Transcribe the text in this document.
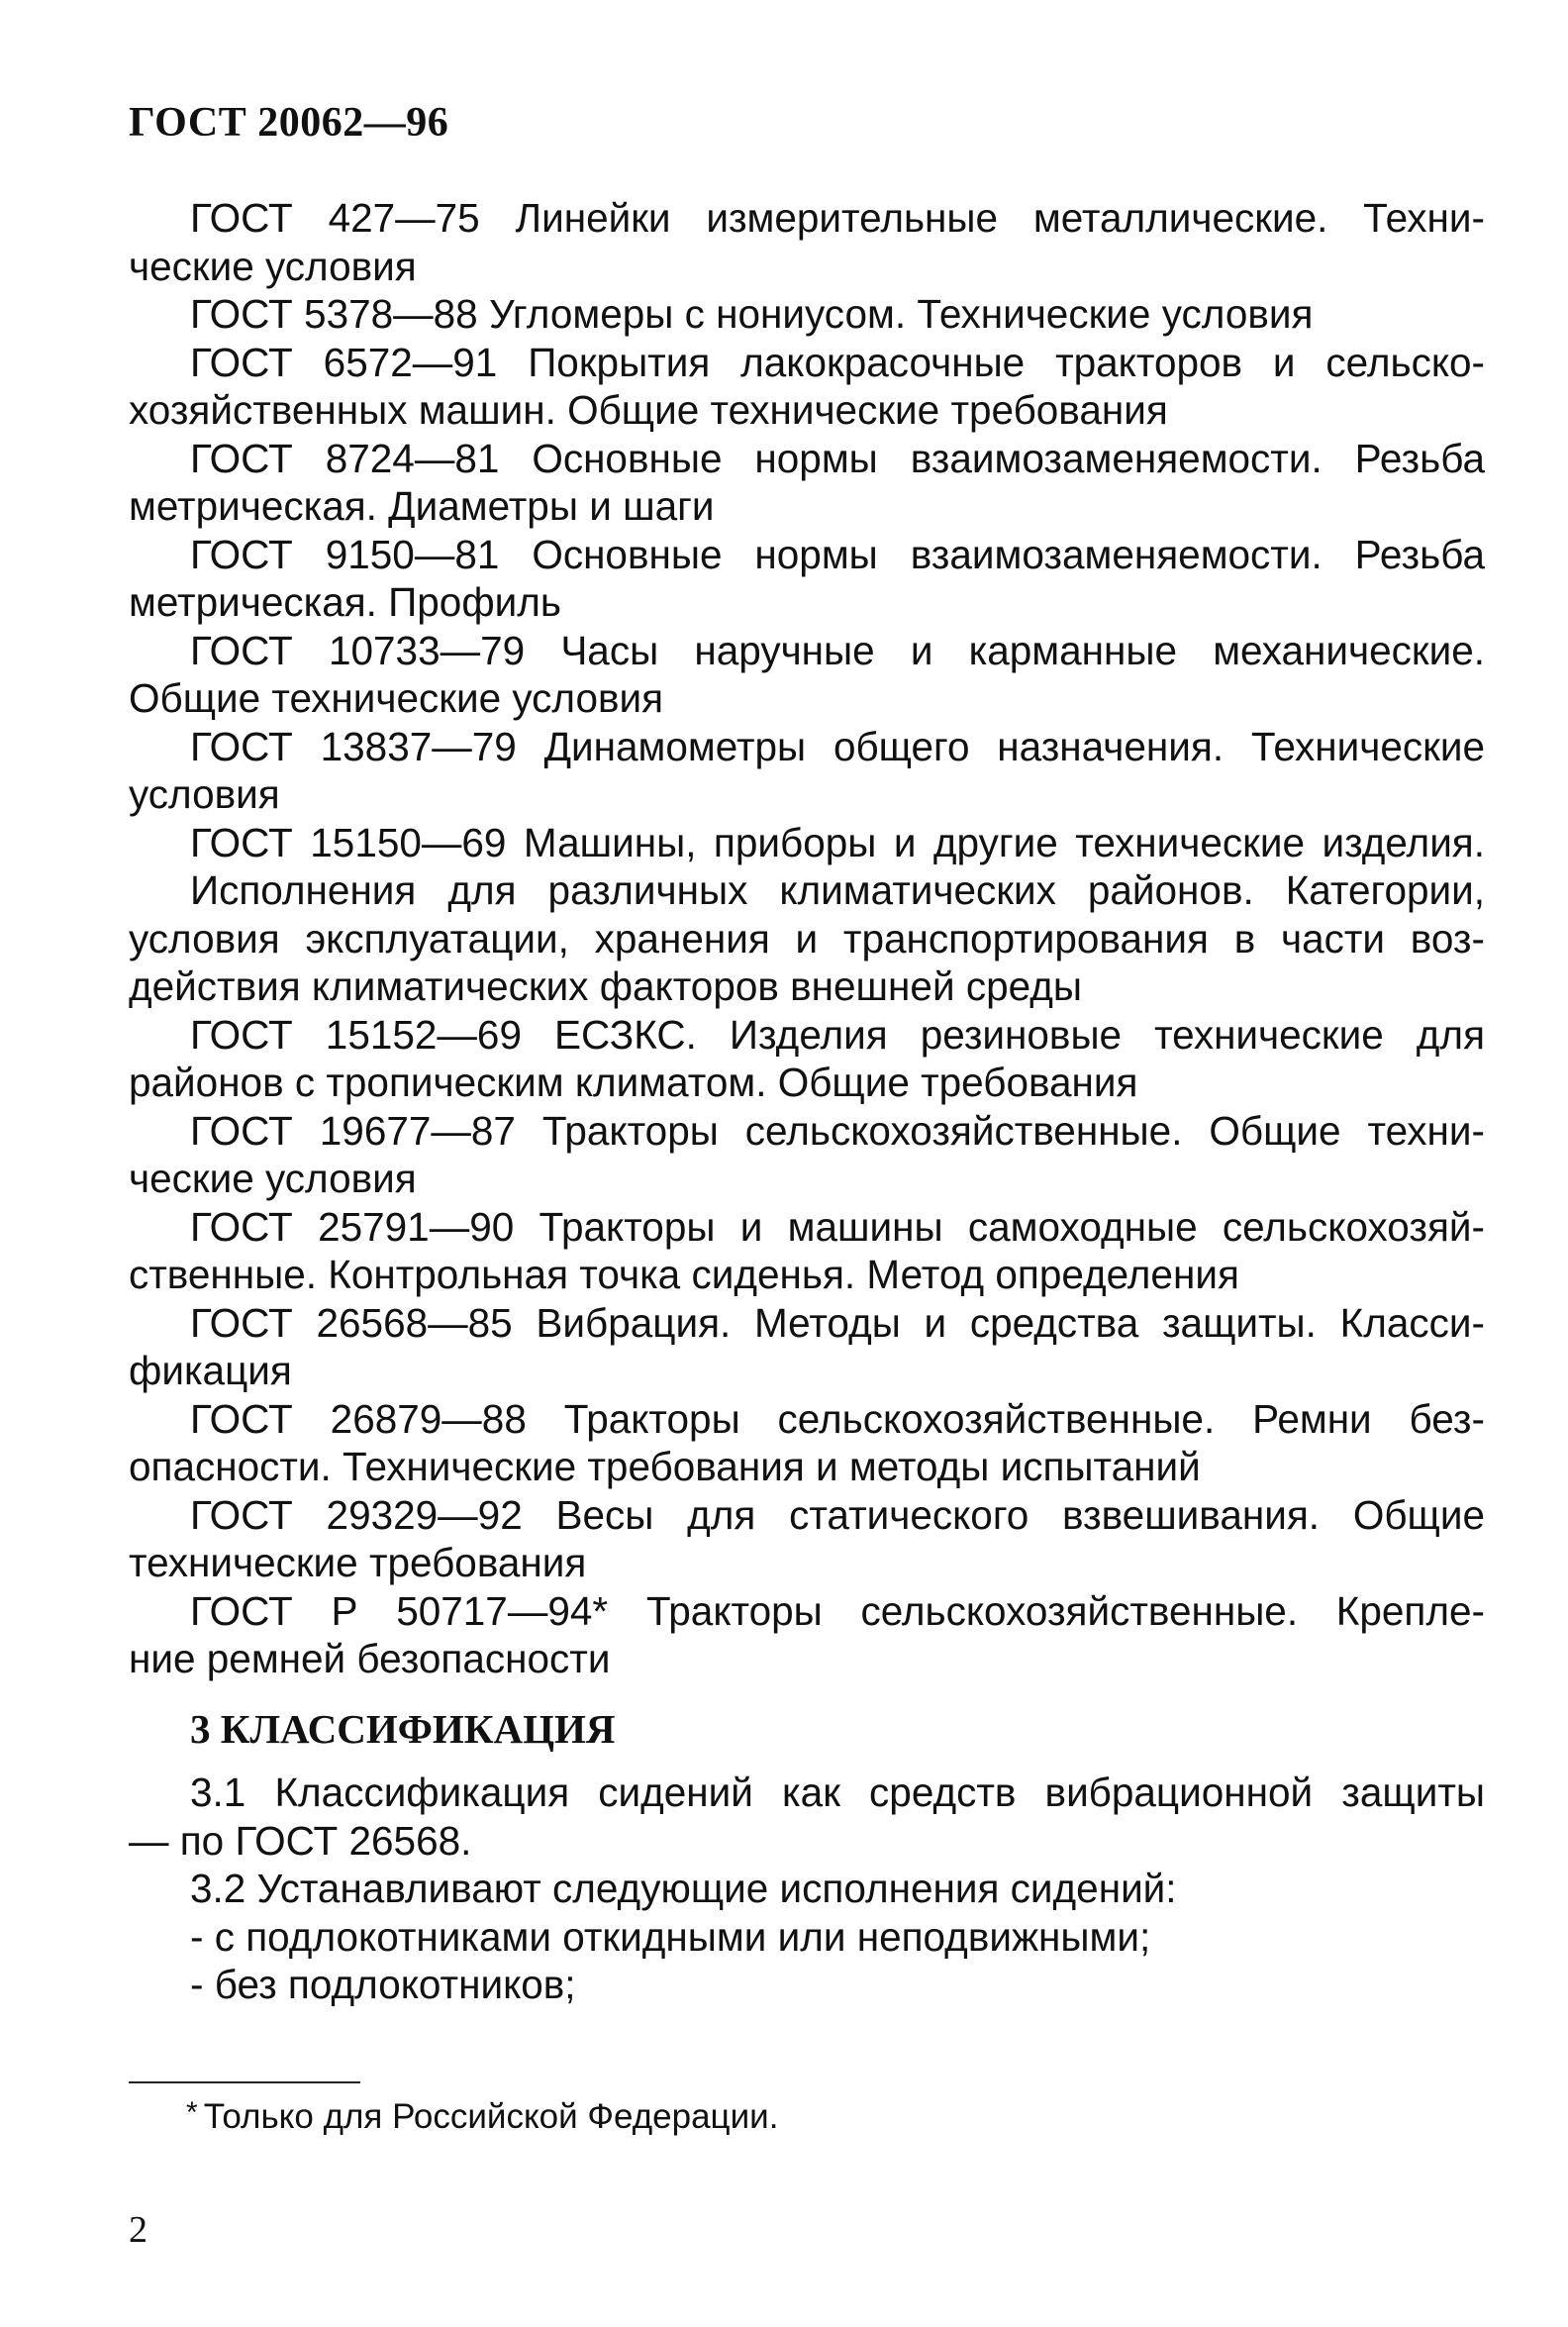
ГОСТ 20062—96

ГОСТ 427—75 Линейки измерительные металлические. Техни-
ческие условия

ГОСТ 5378—88 Угломеры с нониусом. Технические условия

ГОСТ 6572—91 Покрытия лакокрасочные тракторов и сельско-
хозяйственных машин. Общие технические требования

ГОСТ 8724—81 Основные нормы взаимозаменяемости. Резьба
метрическая. Диаметры и шаги

ГОСТ 9150—81 Основные нормы взаимозаменяемости. Резьба
метрическая. Профиль

ГОСТ 10733—79 Часы наручные и карманные механические.
Общие технические условия

ГОСТ 13837—79 Динамометры общего назначения. Технические
условия

ГОСТ 15150—69 Машины, приборы и другие технические изделия.
Исполнения для различных климатических районов. Категории,
условия эксплуатации, хранения и транспортирования в части воз-
действия климатических факторов внешней среды

ГОСТ 15152—69 ЕСЗКС. Изделия резиновые технические для
районов с тропическим климатом. Общие требования

ГОСТ 19677—87 Тракторы сельскохозяйственные. Общие техни-
ческие условия

ГОСТ 25791—90 Тракторы и машины самоходные сельскохозяй-
ственные. Контрольная точка сиденья. Метод определения

ГОСТ 26568—85 Вибрация. Методы и средства защиты. Класси-
фикация

ГОСТ 26879—88 Тракторы сельскохозяйственные. Ремни без-
опасности. Технические требования и методы испытаний

ГОСТ 29329—92 Весы для статического взвешивания. Общие
технические требования

ГОСТ Р 50717—94* Тракторы сельскохозяйственные. Крепле-
ние ремней безопасности

3 КЛАССИФИКАЦИЯ
3.1 Классификация сидений как средств вибрационной защиты
— по ГОСТ 26568.
3.2 Устанавливают следующие исполнения сидений:
- с подлокотниками откидными или неподвижными;
- без подлокотников;
* Только для Российской Федерации.
2
